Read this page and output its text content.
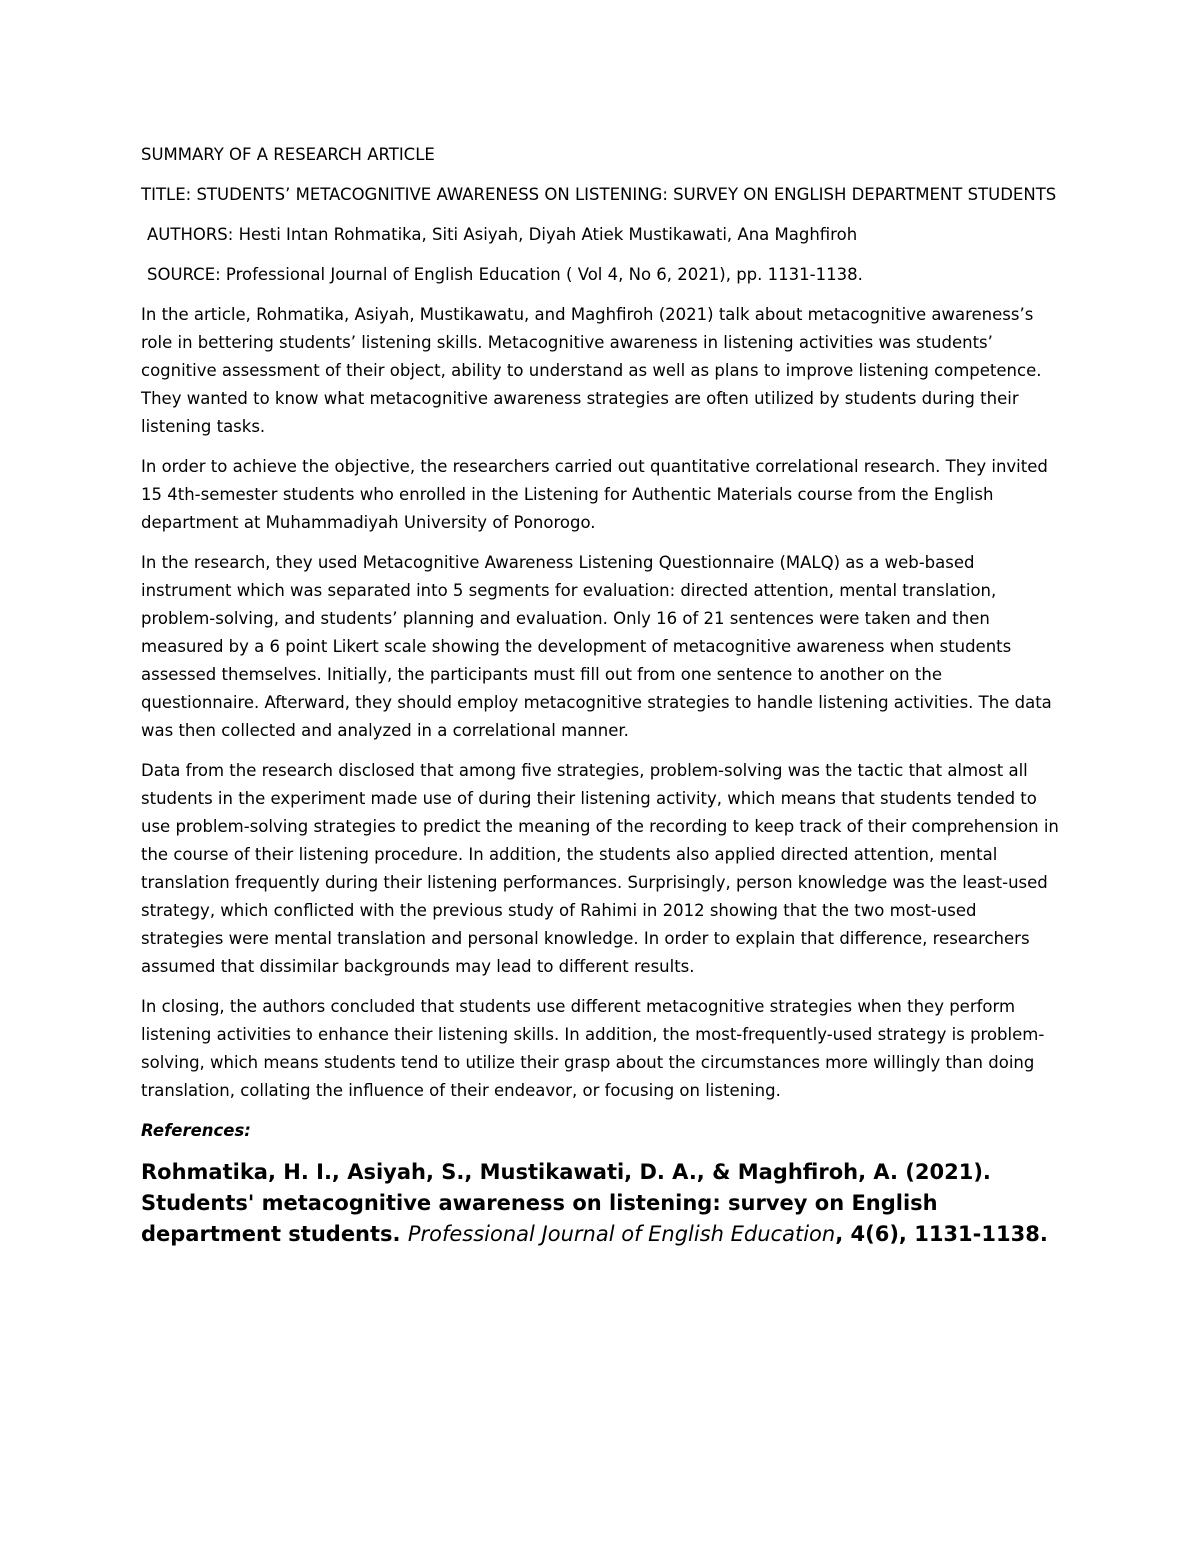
SUMMARY OF A RESEARCH ARTICLE

TITLE: STUDENTS’ METACOGNITIVE AWARENESS ON LISTENING: SURVEY ON ENGLISH DEPARTMENT STUDENTS

AUTHORS: Hesti Intan Rohmatika, Siti Asiyah, Diyah Atiek Mustikawati, Ana Maghfiroh

SOURCE: Professional Journal of English Education ( Vol 4, No 6, 2021), pp. 1131-1138.

In the article, Rohmatika, Asiyah, Mustikawatu, and Maghfiroh (2021) talk about metacognitive awareness’s role in bettering students’ listening skills. Metacognitive awareness in listening activities was students’ cognitive assessment of their object, ability to understand as well as plans to improve listening competence. They wanted to know what metacognitive awareness strategies are often utilized by students during their listening tasks.

In order to achieve the objective, the researchers carried out quantitative correlational research. They invited 15 4th-semester students who enrolled in the Listening for Authentic Materials course from the English department at Muhammadiyah University of Ponorogo.

In the research, they used Metacognitive Awareness Listening Questionnaire (MALQ) as a web-based instrument which was separated into 5 segments for evaluation: directed attention, mental translation, problem-solving, and students’ planning and evaluation. Only 16 of 21 sentences were taken and then measured by a 6 point Likert scale showing the development of metacognitive awareness when students assessed themselves. Initially, the participants must fill out from one sentence to another on the questionnaire. Afterward, they should employ metacognitive strategies to handle listening activities. The data was then collected and analyzed in a correlational manner.

Data from the research disclosed that among five strategies, problem-solving was the tactic that almost all students in the experiment made use of during their listening activity, which means that students tended to use problem-solving strategies to predict the meaning of the recording to keep track of their comprehension in the course of their listening procedure. In addition, the students also applied directed attention, mental translation frequently during their listening performances. Surprisingly, person knowledge was the least-used strategy, which conflicted with the previous study of Rahimi in 2012 showing that the two most-used strategies were mental translation and personal knowledge. In order to explain that difference, researchers assumed that dissimilar backgrounds may lead to different results.

In closing, the authors concluded that students use different metacognitive strategies when they perform listening activities to enhance their listening skills. In addition, the most-frequently-used strategy is problem-solving, which means students tend to utilize their grasp about the circumstances more willingly than doing translation, collating the influence of their endeavor, or focusing on listening.

References:

Rohmatika, H. I., Asiyah, S., Mustikawati, D. A., & Maghfiroh, A. (2021). Students' metacognitive awareness on listening: survey on English department students. Professional Journal of English Education, 4(6), 1131-1138.
